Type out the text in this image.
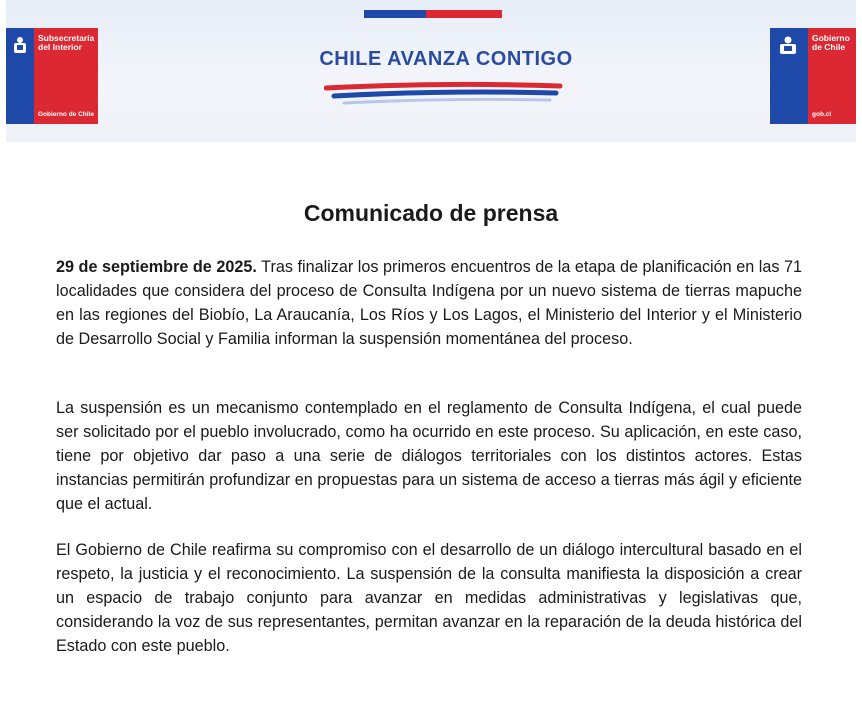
Subsecretaría
del Interior
Gobierno de Chile
CHILE AVANZA CONTIGO
Gobierno
de Chile
gob.cl
Comunicado de prensa

29 de septiembre de 2025. Tras finalizar los primeros encuentros de la etapa de planificación en las 71 localidades que considera del proceso de Consulta Indígena por un nuevo sistema de tierras mapuche en las regiones del Biobío, La Araucanía, Los Ríos y Los Lagos, el Ministerio del Interior y el Ministerio de Desarrollo Social y Familia informan la suspensión momentánea del proceso.

La suspensión es un mecanismo contemplado en el reglamento de Consulta Indígena, el cual puede ser solicitado por el pueblo involucrado, como ha ocurrido en este proceso. Su aplicación, en este caso, tiene por objetivo dar paso a una serie de diálogos territoriales con los distintos actores. Estas instancias permitirán profundizar en propuestas para un sistema de acceso a tierras más ágil y eficiente que el actual.

El Gobierno de Chile reafirma su compromiso con el desarrollo de un diálogo intercultural basado en el respeto, la justicia y el reconocimiento. La suspensión de la consulta manifiesta la disposición a crear un espacio de trabajo conjunto para avanzar en medidas administrativas y legislativas que, considerando la voz de sus representantes, permitan avanzar en la reparación de la deuda histórica del Estado con este pueblo.
